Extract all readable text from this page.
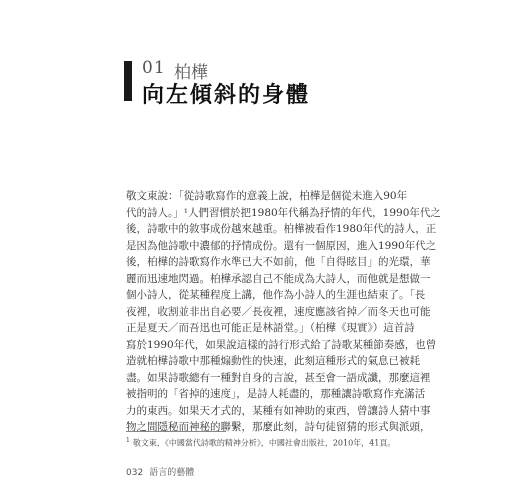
01 柏樺
向左傾斜的身體
敬文東說：「從詩歌寫作的意義上說，柏樺是個從未進入90年
代的詩人。」¹人們習慣於把1980年代稱為抒情的年代，1990年代之
後，詩歌中的敘事成份越來越重。柏樺被看作1980年代的詩人，正
是因為他詩歌中濃郁的抒情成份。還有一個原因，進入1990年代之
後，柏樺的詩歌寫作水準已大不如前，他「自得眩目」的光環，華
麗而迅速地閃過。柏樺承認自己不能成為大詩人，而他就是想做一
個小詩人，從某種程度上講，他作為小詩人的生涯也結束了。「長
夜裡，收割並非出自必要／長夜裡，速度應該省掉／而冬天也可能
正是夏天／而吾迅也可能正是林語堂。」（柏樺《現實》）這首詩
寫於1990年代，如果說這樣的詩行形式給了詩歌某種節奏感，也曾
造就柏樺詩歌中那種煽動性的快速，此刻這種形式的氣息已被耗
盡。如果詩歌總有一種對自身的言說，甚至會一語成讖，那麼這裡
被指明的「省掉的速度」，是詩人耗盡的，那種讓詩歌寫作充滿活
力的東西。如果天才式的，某種有如神助的東西，曾讓詩人猜中事
物之間隱秘而神秘的聯繫，那麼此刻，詩句徒留猜的形式與派頭，
$^1$ 敬文東，《中國當代詩歌的精神分析》，中國社會出版社，2010年，41頁。
032 語言的藝體
